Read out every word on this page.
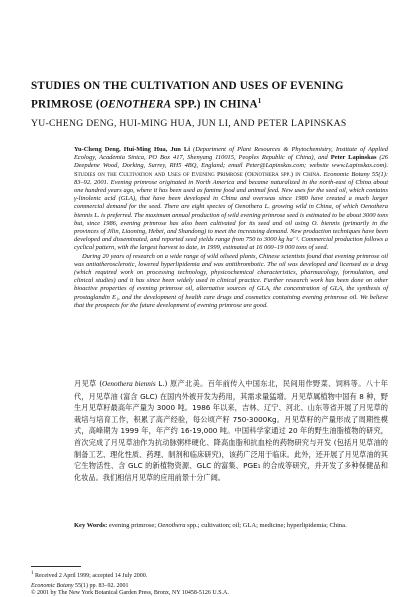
STUDIES ON THE CULTIVATION AND USES OF EVENING
PRIMROSE (OENOTHERA SPP.) IN CHINA$^1$
YU-CHENG DENG, HUI-MING HUA, JUN LI, AND PETER LAPINSKAS

Yu-Cheng Deng, Hui-Ming Hua, Jun Li (Department of Plant Resources & Phytochemistry, Institute of Applied Ecology, Academia Sinica, PO Box 417, Shenyang 110015, Peoples Republic of China), and Peter Lapinskas (26 Deepdene Wood, Dorking, Surrey, RH5 4BQ, England; email Peter@Lapinskas.com; website www.Lapinskas.com). Studies on the Cultivation and Uses of Evening Primrose (Oenothera spp.) in China. Economic Botany 55(1): 83–92. 2001. Evening primrose originated in North America and became naturalized in the north-east of China about one hundred years ago, where it has been used as famine food and animal feed. New uses for the seed oil, which contains γ-linolenic acid (GLA), that have been developed in China and overseas since 1980 have created a much larger commercial demand for the seed. There are eight species of Oenothera L. growing wild in China, of which Oenothera biennis L. is preferred. The maximum annual production of wild evening primrose seed is estimated to be about 3000 tons but, since 1986, evening primrose has also been cultivated for its seed and oil using O. biennis (primarily in the provinces of Jilin, Liaoning, Hebei, and Shandong) to meet the increasing demand. New production techniques have been developed and disseminated, and reported seed yields range from 750 to 3000 kg ha⁻¹. Commercial production follows a cyclical pattern, with the largest harvest to date, in 1999, estimated at 16 000–19 000 tons of seed.

During 20 years of research on a wide range of wild oilseed plants, Chinese scientists found that evening primrose oil was antiatherosclerotic, lowered hyperlipidemia and was antithrombotic. The oil was developed and licensed as a drug (which required work on processing technology, physicochemical characteristics, pharmacology, formulation, and clinical studies) and it has since been widely used in clinical practice. Further research work has been done on other bioactive properties of evening primrose oil, alternative sources of GLA, the concentration of GLA, the synthesis of prostaglandin E₁, and the development of health care drugs and cosmetics containing evening primrose oil. We believe that the prospects for the future development of evening primrose are good.

月见草 (Oenothera biennis L.) 原产北美。百年前传入中国东北，民间用作野菜、饲料等。八十年代，月见草油 (富含 GLC) 在国内外被开发为药用，其需求量猛增。月见草属植物中国有 8 种，野生月见草籽最高年产量为 3000 吨。1986 年以来，吉林、辽宁、河北、山东等省开展了月见草的栽培与培育工作，积累了高产经验，每公顷产籽 750-3000Kg。月见草籽的产量形成了周期性模式，高峰期为 1999 年，年产约 16-19,000 吨。中国科学家通过 20 年的野生油脂植物的研究，首次完成了月见草油作为抗动脉粥样硬化、降高血脂和抗血栓的药物研究与开发 (包括月见草油的制备工艺、理化性质、药理、制剂和临床研究)，该药广泛用于临床。此外，还开展了月见草油的其它生物活性、含 GLC 的新植物资源、GLC 的富集、PGE₁ 的合成等研究，并开发了多种保健品和化妆品。我们相信月见草的应用前景十分广阔。
Key Words: evening primrose; Oenothera spp.; cultivation; oil; GLA; medicine; hyperlipidemia; China.
$^1$ Received 2 April 1999; accepted 14 July 2000.
Economic Botany 55(1) pp. 83–92. 2001
© 2001 by The New York Botanical Garden Press, Bronx, NY 10458-5126 U.S.A.
